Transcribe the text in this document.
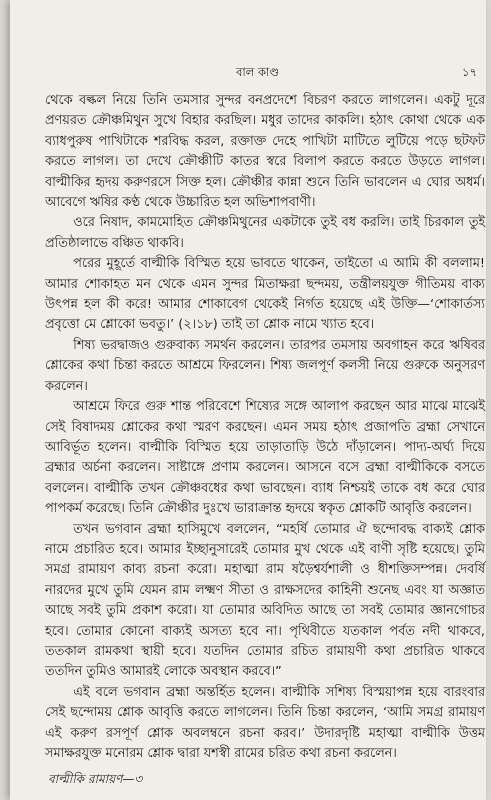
বাল কাণ্ড	১৭

থেকে বল্কল নিয়ে তিনি তমসার সুন্দর বনপ্রদেশে বিচরণ করতে লাগলেন। একটু দূরে প্রণয়রত ক্রৌঞ্চমিথুন সুখে বিহার করছিল। মধুর তাদের কাকলি। হঠাৎ কোথা থেকে এক ব্যাধপুরুষ পাখিটাকে শরবিদ্ধ করল, রক্তাক্ত দেহে পাখিটা মাটিতে লুটিয়ে পড়ে ছটফট করতে লাগল। তা দেখে ক্রৌঞ্চীটি কাতর স্বরে বিলাপ করতে করতে উড়তে লাগল। বাল্মীকির হৃদয় করুণরসে সিক্ত হল। ক্রৌঞ্চীর কান্না শুনে তিনি ভাবলেন এ ঘোর অধর্ম। আবেগে ঋষির কণ্ঠ থেকে উচ্চারিত হল অভিশাপবাণী।

ওরে নিষাদ, কামমোহিত ক্রৌঞ্চমিথুনের একটাকে তুই বধ করলি। তাই চিরকাল তুই প্রতিষ্ঠালাভে বঞ্চিত থাকবি।

পরের মুহূর্তে বাল্মীকি বিস্মিত হয়ে ভাবতে থাকেন, তাইতো এ আমি কী বললাম! আমার শোকাহত মন থেকে এমন সুন্দর মিতাক্ষরা ছন্দময়, তন্ত্রীলয়যুক্ত গীতিময় বাক্য উৎপন্ন হল কী করে! আমার শোকাবেগ থেকেই নির্গত হয়েছে এই উক্তি—‘শোকার্তস্য প্রবৃত্তো মে শ্লোকো ভবতু।’ (২।১৮) তাই তা শ্লোক নামে খ্যাত হবে।

শিষ্য ভরদ্বাজও গুরুবাক্য সমর্থন করলেন। তারপর তমসায় অবগাহন করে ঋষিবর শ্লোকের কথা চিন্তা করতে আশ্রমে ফিরলেন। শিষ্য জলপূর্ণ কলসী নিয়ে গুরুকে অনুসরণ করলেন।

আশ্রমে ফিরে গুরু শান্ত পরিবেশে শিষ্যের সঙ্গে আলাপ করছেন আর মাঝে মাঝেই সেই বিষাদময় শ্লোকের কথা স্মরণ করছেন। এমন সময় হঠাৎ প্রজাপতি ব্রহ্মা সেখানে আবির্ভূত হলেন। বাল্মীকি বিস্মিত হয়ে তাড়াতাড়ি উঠে দাঁড়ালেন। পাদ্য-অর্ঘ্য দিয়ে ব্রহ্মার অর্চনা করলেন। সাষ্টাঙ্গে প্রণাম করলেন। আসনে বসে ব্রহ্মা বাল্মীকিকে বসতে বললেন। বাল্মীকি তখন ক্রৌঞ্চবধের কথা ভাবছেন। ব্যাধ নিশ্চয়ই তাকে বধ করে ঘোর পাপকর্ম করেছে। তিনি ক্রৌঞ্চীর দুঃখে ভারাক্রান্ত হৃদয়ে স্বকৃত শ্লোকটি আবৃত্তি করলেন।

তখন ভগবান ব্রহ্মা হাসিমুখে বললেন, “মহর্ষি তোমার ঐ ছন্দোবদ্ধ বাক্যই শ্লোক নামে প্রচারিত হবে। আমার ইচ্ছানুসারেই তোমার মুখ থেকে এই বাণী সৃষ্টি হয়েছে। তুমি সমগ্র রামায়ণ কাব্য রচনা করো। মহাত্মা রাম ষড়ৈশ্বর্যশালী ও ধীশক্তিসম্পন্ন। দেবর্ষি নারদের মুখে তুমি যেমন রাম লক্ষ্মণ সীতা ও রাক্ষসদের কাহিনী শুনেছ এবং যা অজ্ঞাত আছে সবই তুমি প্রকাশ করো। যা তোমার অবিদিত আছে তা সবই তোমার জ্ঞানগোচর হবে। তোমার কোনো বাক্যই অসত্য হবে না। পৃথিবীতে যতকাল পর্বত নদী থাকবে, ততকাল রামকথা স্থায়ী হবে। যতদিন তোমার রচিত রামায়ণী কথা প্রচারিত থাকবে ততদিন তুমিও আমারই লোকে অবস্থান করবে।”

এই বলে ভগবান ব্রহ্মা অন্তর্হিত হলেন। বাল্মীকি সশিষ্য বিস্ময়াপন্ন হয়ে বারংবার সেই ছন্দোময় শ্লোক আবৃত্তি করতে লাগলেন। তিনি চিন্তা করলেন, ‘আমি সমগ্র রামায়ণ এই করুণ রসপূর্ণ শ্লোক অবলম্বনে রচনা করব।’ উদারদৃষ্টি মহাত্মা বাল্মীকি উত্তম সমাক্ষরযুক্ত মনোরম শ্লোক দ্বারা যশস্বী রামের চরিত কথা রচনা করলেন।

বাল্মীকি রামায়ণ—৩
